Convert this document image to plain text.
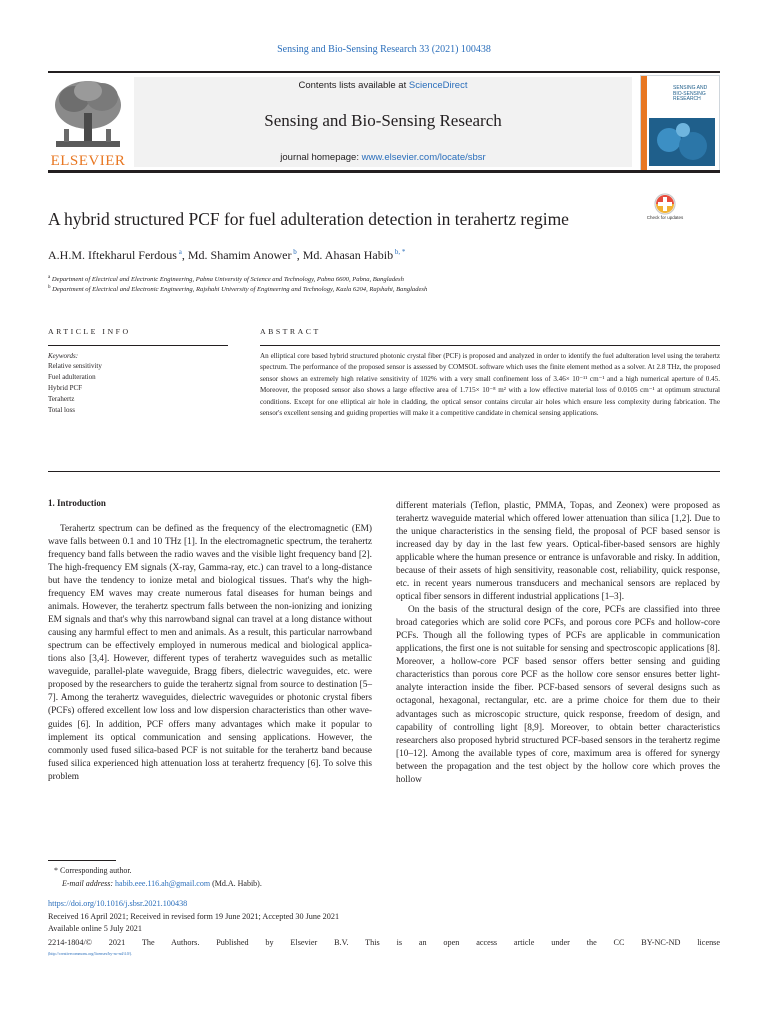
Sensing and Bio-Sensing Research 33 (2021) 100438
ELSEVIER
Contents lists available at ScienceDirect
Sensing and Bio-Sensing Research
journal homepage: www.elsevier.com/locate/sbsr
SENSING AND BIO-SENSING RESEARCH
A hybrid structured PCF for fuel adulteration detection in terahertz regime	Check for updates
A.H.M. Iftekharul Ferdous $^a$, Md. Shamim Anower $^b$, Md. Ahasan Habib $^{b, *}$
$^a$ Department of Electrical and Electronic Engineering, Pabna University of Science and Technology, Pabna 6600, Pabna, Bangladesh
$^b$ Department of Electrical and Electronic Engineering, Rajshahi University of Engineering and Technology, Kazla 6204, Rajshahi, Bangladesh
ARTICLE INFO	ABSTRACT
Keywords:
Relative sensitivity
Fuel adulteration
Hybrid PCF
Terahertz
Total loss

An elliptical core based hybrid structured photonic crystal fiber (PCF) is proposed and analyzed in order to identify the fuel adulteration level using the terahertz spectrum. The performance of the proposed sensor is assessed by COMSOL software which uses the finite element method as a solver. At 2.8 THz, the proposed sensor shows an extremely high relative sensitivity of 102% with a very small confinement loss of 3.46× 10⁻¹¹ cm⁻¹ and a high numerical aperture of 0.45. Moreover, the proposed sensor also shows a large effective area of 1.715× 10⁻⁸ m² with a low effective material loss of 0.0105 cm⁻¹ at optimum structural conditions. Except for one elliptical air hole in cladding, the optical sensor contains circular air holes which ensure less complexity during fabrication. The sensor's excellent sensing and guiding properties will make it a competitive candidate in chemical sensing applications.

1. Introduction

Terahertz spectrum can be defined as the frequency of the electromagnetic (EM) wave falls between 0.1 and 10 THz [1]. In the electromagnetic spectrum, the terahertz frequency band falls between the radio waves and the visible light frequency band [2]. The high-frequency EM signals (X-ray, Gamma-ray, etc.) can travel to a long-distance but have the tendency to ionize metal and biological tissues. That's why the high-frequency EM waves may create numerous fatal diseases for human beings and animals. However, the terahertz spectrum falls between the non-ionizing and ionizing EM signals and that's why this narrowband signal can travel at a long distance without causing any harmful effect to men and animals. As a result, this particular narrowband spectrum can be effectively employed in numerous medical and biological applications also [3,4]. However, different types of terahertz waveguides such as metallic waveguide, parallel-plate waveguide, Bragg fibers, dielectric waveguides, etc. were proposed by the researchers to guide the terahertz signal from source to destination [5–7]. Among the terahertz waveguides, dielectric waveguides or photonic crystal fibers (PCFs) offered excellent low loss and low dispersion characteristics than other waveguides [6]. In addition, PCF offers many advantages which make it popular to implement its optical communication and sensing applications. However, the commonly used fused silica-based PCF is not suitable for the terahertz band because fused silica experienced high attenuation loss at terahertz frequency [6]. To solve this problem

different materials (Teflon, plastic, PMMA, Topas, and Zeonex) were proposed as terahertz waveguide material which offered lower attenuation than silica [1,2]. Due to the unique characteristics in the sensing field, the proposal of PCF based sensor is increased day by day in the last few years. Optical-fiber-based sensors are highly applicable where the human presence or entrance is unfavorable and risky. In addition, because of their assets of high sensitivity, reasonable cost, reliability, quick response, etc. in recent years numerous transducers and mechanical sensors are replaced by optical fiber sensors in different industrial applications [1–3].

On the basis of the structural design of the core, PCFs are classified into three broad categories which are solid core PCFs, and porous core PCFs and hollow-core PCFs. Though all the following types of PCFs are applicable in communication applications, the first one is not suitable for sensing and spectroscopic applications [8]. Moreover, a hollow-core PCF based sensor offers better sensing and guiding characteristics than porous core PCF as the hollow core sensor ensures better light-analyte interaction inside the fiber. PCF-based sensors of several designs such as octagonal, hexagonal, rectangular, etc. are a prime choice for them due to their advantages such as microscopic structure, quick response, freedom of design, and capability of controlling light [8,9]. Moreover, to obtain better characteristics researchers also proposed hybrid structured PCF-based sensors in the terahertz regime [10–12]. Among the available types of core, maximum area is offered for synergy between the propagation and the test object by the hollow core which proves the hollow

* Corresponding author.
E-mail address: habib.eee.116.ah@gmail.com (Md.A. Habib).
https://doi.org/10.1016/j.sbsr.2021.100438
Received 16 April 2021; Received in revised form 19 June 2021; Accepted 30 June 2021
Available online 5 July 2021
2214-1804/© 2021 The Authors. Published by Elsevier B.V. This is an open access article under the CC BY-NC-ND license
(http://creativecommons.org/licenses/by-nc-nd/4.0/).
